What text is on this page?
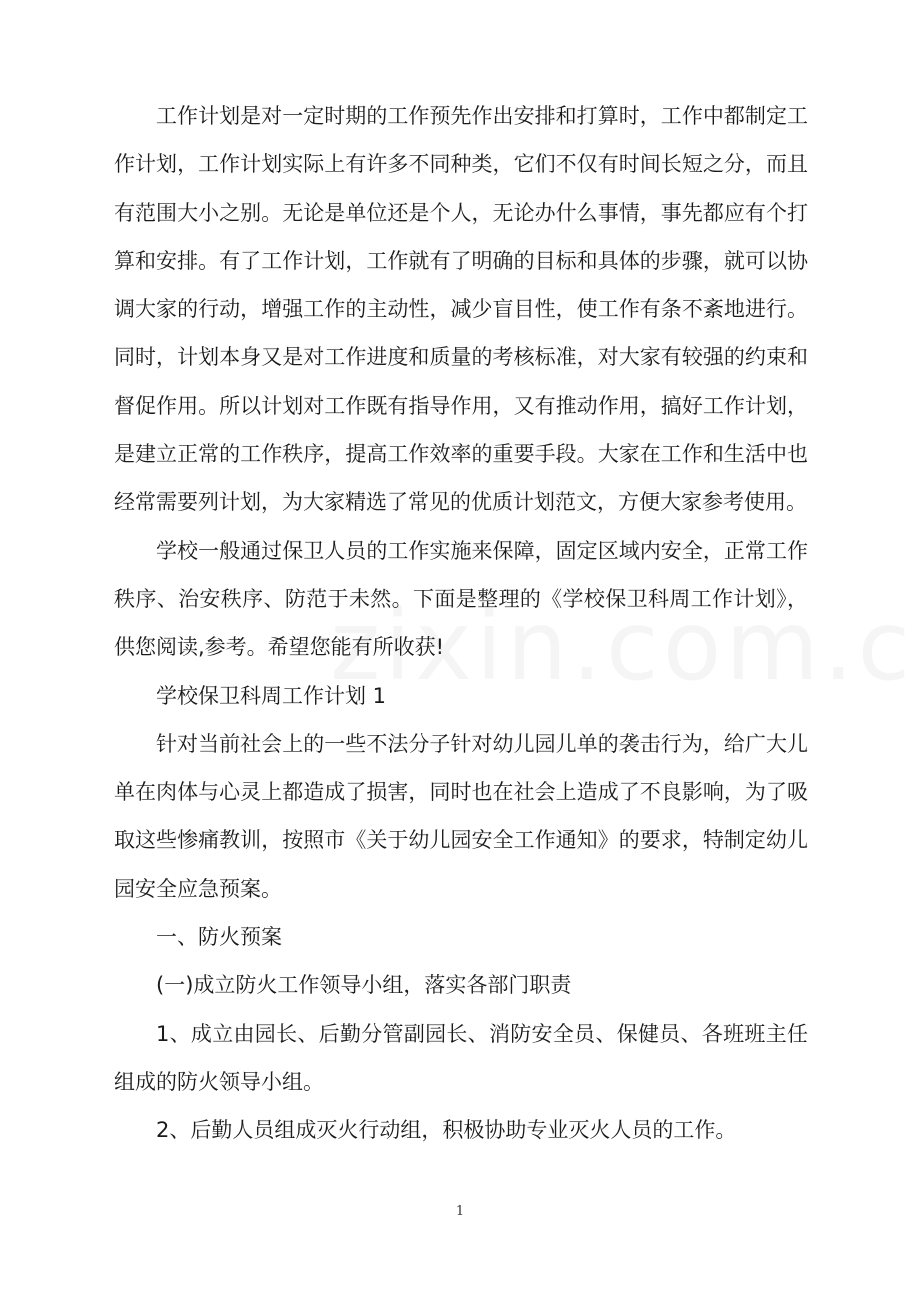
工作计划是对一定时期的工作预先作出安排和打算时，工作中都制定工作计划，工作计划实际上有许多不同种类，它们不仅有时间长短之分，而且有范围大小之别。无论是单位还是个人，无论办什么事情，事先都应有个打算和安排。有了工作计划，工作就有了明确的目标和具体的步骤，就可以协调大家的行动，增强工作的主动性，减少盲目性，使工作有条不紊地进行。同时，计划本身又是对工作进度和质量的考核标准，对大家有较强的约束和督促作用。所以计划对工作既有指导作用，又有推动作用，搞好工作计划，是建立正常的工作秩序，提高工作效率的重要手段。大家在工作和生活中也经常需要列计划，为大家精选了常见的优质计划范文，方便大家参考使用。

学校一般通过保卫人员的工作实施来保障，固定区域内安全，正常工作秩序、治安秩序、防范于未然。下面是整理的《学校保卫科周工作计划》，供您阅读,参考。希望您能有所收获!

学校保卫科周工作计划 1

针对当前社会上的一些不法分子针对幼儿园儿单的袭击行为，给广大儿单在肉体与心灵上都造成了损害，同时也在社会上造成了不良影响，为了吸取这些惨痛教训，按照市《关于幼儿园安全工作通知》的要求，特制定幼儿园安全应急预案。

一、防火预案

(一)成立防火工作领导小组，落实各部门职责

1、成立由园长、后勤分管副园长、消防安全员、保健员、各班班主任组成的防火领导小组。

2、后勤人员组成灭火行动组，积极协助专业灭火人员的工作。

1
